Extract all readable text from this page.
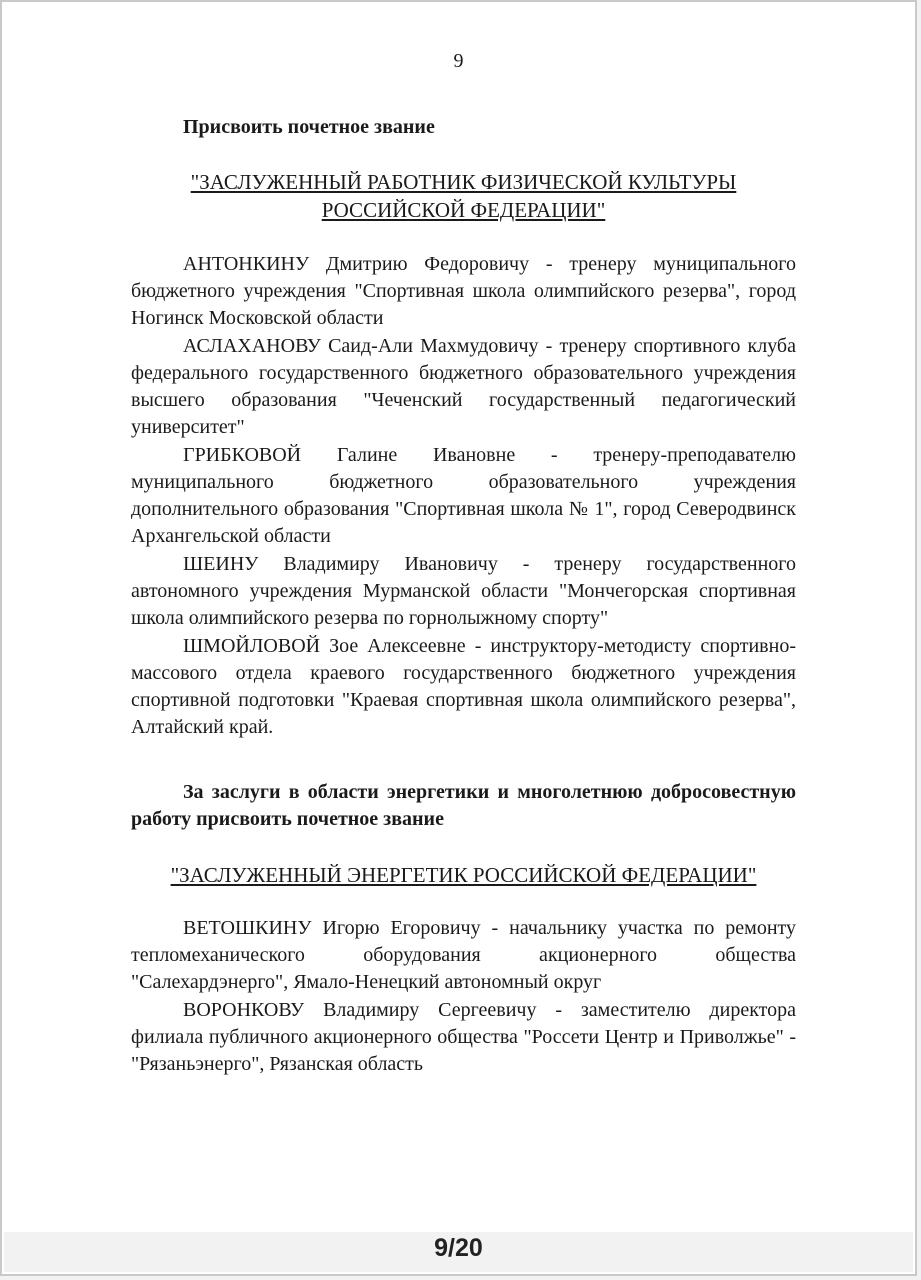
9
Присвоить почетное звание
"ЗАСЛУЖЕННЫЙ РАБОТНИК ФИЗИЧЕСКОЙ КУЛЬТУРЫ
РОССИЙСКОЙ ФЕДЕРАЦИИ"

АНТОНКИНУ Дмитрию Федоровичу - тренеру муниципального бюджетного учреждения "Спортивная школа олимпийского резерва", город Ногинск Московской области

АСЛАХАНОВУ Саид-Али Махмудовичу - тренеру спортивного клуба федерального государственного бюджетного образовательного учреждения высшего образования "Чеченский государственный педагогический университет"

ГРИБКОВОЙ Галине Ивановне - тренеру-преподавателю муниципального бюджетного образовательного учреждения дополнительного образования "Спортивная школа № 1", город Северодвинск Архангельской области

ШЕИНУ Владимиру Ивановичу - тренеру государственного автономного учреждения Мурманской области "Мончегорская спортивная школа олимпийского резерва по горнолыжному спорту"

ШМОЙЛОВОЙ Зое Алексеевне - инструктору-методисту спортивно-массового отдела краевого государственного бюджетного учреждения спортивной подготовки "Краевая спортивная школа олимпийского резерва", Алтайский край.

За заслуги в области энергетики и многолетнюю добросовестную работу присвоить почетное звание
"ЗАСЛУЖЕННЫЙ ЭНЕРГЕТИК РОССИЙСКОЙ ФЕДЕРАЦИИ"

ВЕТОШКИНУ Игорю Егоровичу - начальнику участка по ремонту тепломеханического оборудования акционерного общества "Салехардэнерго", Ямало-Ненецкий автономный округ

ВОРОНКОВУ Владимиру Сергеевичу - заместителю директора филиала публичного акционерного общества "Россети Центр и Приволжье" - "Рязаньэнерго", Рязанская область

9/20
